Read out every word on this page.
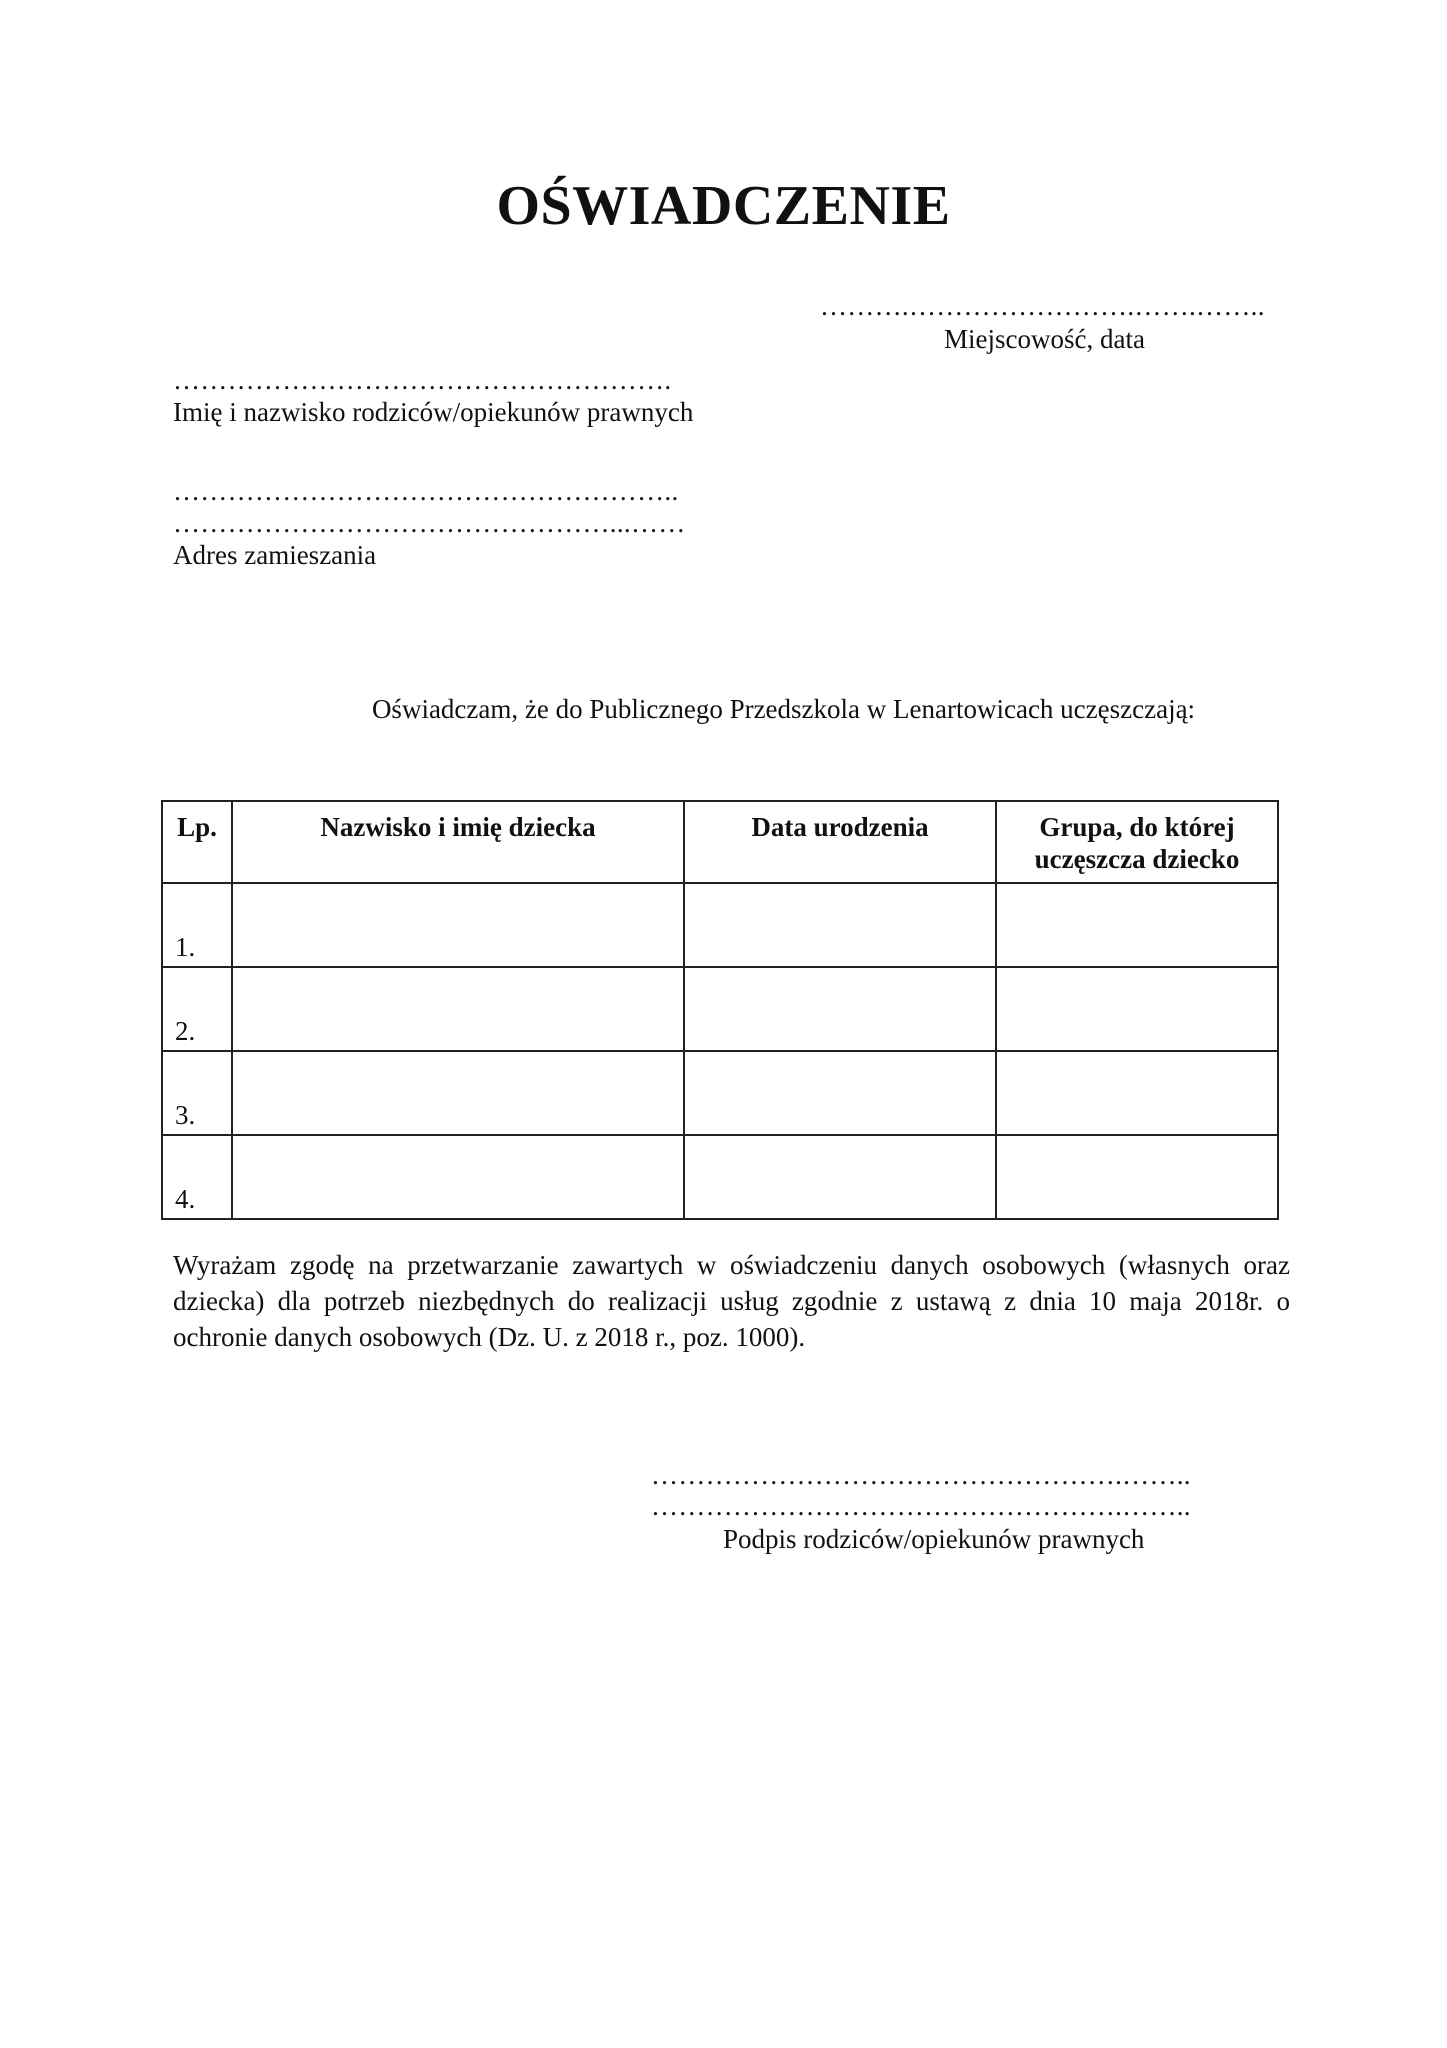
OŚWIADCZENIE
……….…………………….…….……..
Miejscowość, data
……………………………………………….
Imię i nazwisko rodziców/opiekunów prawnych
………………………………………………..
…………………………………………...……
Adres zamieszania
Oświadczam, że do Publicznego Przedszkola w Lenartowicach uczęszczają:
Lp.	Nazwisko i imię dziecka	Data urodzenia	Grupa, do której uczęszcza dziecko
1.			
2.			
3.			
4.			
Wyrażam zgodę na przetwarzanie zawartych w oświadczeniu danych osobowych (własnych oraz dziecka) dla potrzeb niezbędnych do realizacji usług zgodnie z ustawą z dnia 10 maja 2018r. o ochronie danych osobowych (Dz. U. z 2018 r., poz. 1000).
…………………………………………….……..
…………………………………………….……..
Podpis rodziców/opiekunów prawnych
